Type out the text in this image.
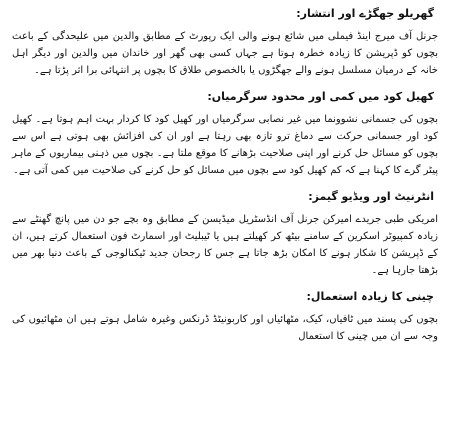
گھریلو جھگڑے اور انتشار:

جرنل آف میرج اینڈ فیملی میں شائع ہونے والی ایک رپورٹ کے مطابق والدین میں علیحدگی کے باعث بچوں کو ڈپریشن کا زیادہ خطرہ ہوتا ہے جہاں کسی بھی گھر اور خاندان میں والدین اور دیگر اہل خانہ کے درمیان مسلسل ہونے والے جھگڑوں یا بالخصوص طلاق کا بچوں پر انتہائی برا اثر پڑتا ہے۔

کھیل کود میں کمی اور محدود سرگرمیاں:

بچوں کی جسمانی نشوونما میں غیر نصابی سرگرمیاں اور کھیل کود کا کردار بہت اہم ہوتا ہے۔ کھیل کود اور جسمانی حرکت سے دماغ ترو تازہ بھی رہتا ہے اور ان کی افزائش بھی ہوتی ہے اس سے بچوں کو مسائل حل کرنے اور اپنی صلاحیت بڑھانے کا موقع ملتا ہے۔ بچوں میں ذہنی بیماریوں کے ماہر پیٹر گرے کا کہنا ہے کہ کم کھیل کود سے بچوں میں مسائل کو حل کرنے کی صلاحیت میں کمی آتی ہے۔

انٹرنیٹ اور ویڈیو گیمز:

امریکی طبی جریدے امیرکن جرنل آف انڈسٹریل میڈیسن کے مطابق وہ بچے جو دن میں پانچ گھنٹے سے زیادہ کمپیوٹر اسکرین کے سامنے بیٹھ کر کھیلتے ہیں یا ٹیبلیٹ اور اسمارٹ فون استعمال کرتے ہیں، ان کے ڈپریشن کا شکار ہونے کا امکان بڑھ جاتا ہے جس کا رجحان جدید ٹیکنالوجی کے باعث دنیا بھر میں بڑھتا جارہا ہے۔

چینی کا زیادہ استعمال:

بچوں کی پسند میں ٹافیاں، کیک، مٹھائیاں اور کاربونیٹڈ ڈرنکس وغیرہ شامل ہوتے ہیں ان مٹھائیوں کی وجہ سے ان میں چینی کا استعمال
